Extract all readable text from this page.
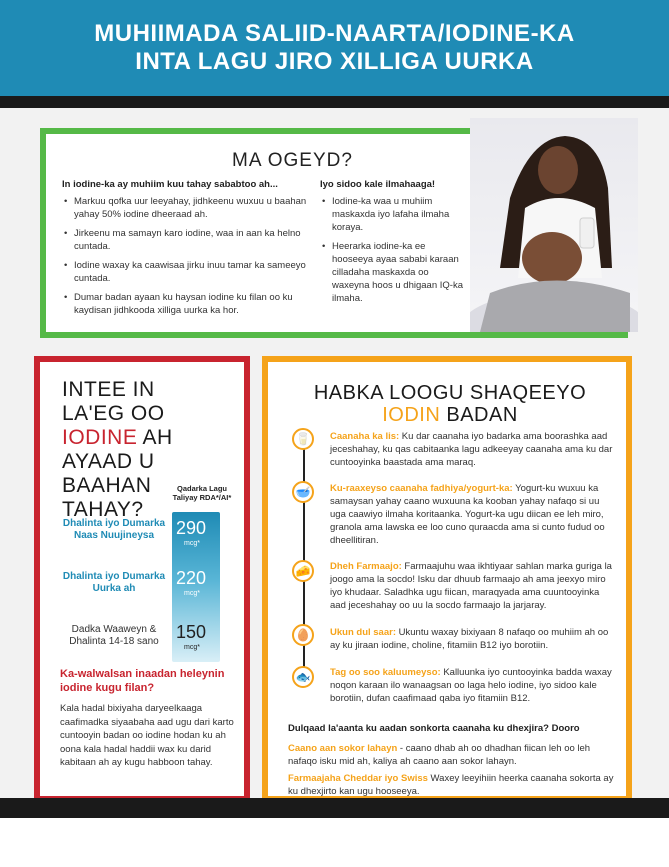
MUHIIMADA SALIID-NAARTA/IODINE-KA
INTA LAGU JIRO XILLIGA UURKA
MA OGEYD?
In iodine-ka ay muhiim kuu tahay sababtoo ah...
• Markuu qofka uur leeyahay, jidhkeenu wuxuu u baahan yahay 50% iodine dheeraad ah.
• Jirkeenu ma samayn karo iodine, waa in aan ka helno cuntada.
• Iodine waxay ka caawisaa jirku inuu tamar ka sameeyo cuntada.
• Dumar badan ayaan ku haysan iodine ku filan oo ku kaydisan jidhkooda xilliga uurka ka hor.
Iyo sidoo kale ilmahaaga!
• Iodine-ka waa u muhiim maskaxda iyo lafaha ilmaha koraya.
• Heerarka iodine-ka ee hooseeya ayaa sababi karaan cilladaha maskaxda oo waxeyna hoos u dhigaan IQ-ka ilmaha.
INTEE IN
LA'EG OO
IODINE AH
AYAAD U
BAAHAN
TAHAY?
Qadarka Lagu Taliyay RDA*/AI*
Dhalinta iyo Dumarka Naas Nuujineysa	290
mcg*
Dhalinta iyo Dumarka Uurka ah
220
mcg*
Dadka Waaweyn & Dhalinta 14-18 sano 150
mcg*
Ka-walwalsan inaadan heleynin iodine kugu filan?
Kala hadal bixiyaha daryeelkaaga caafimadka siyaabaha aad ugu dari karto cuntooyin badan oo iodine hodan ku ah oona kala hadal haddii wax ku darid kabitaan ah ay kugu habboon tahay.
HABKA LOOGU SHAQEEYO
IODIN BADAN
🥛	Caanaha ka lis: Ku dar caanaha iyo badarka ama boorashka aad jeceshahay, ku qas cabitaanka lagu adkeeyay caanaha ama ku dar cuntooyinka baastada ama maraq.
🥣	Ku-raaxeyso caanaha fadhiya/yogurt-ka: Yogurt-ku wuxuu ka samaysan yahay caano wuxuuna ka kooban yahay nafaqo si uu uga caawiyo ilmaha koritaanka. Yogurt-ka ugu diican ee leh miro, granola ama lawska ee loo cuno quraacda ama si cunto fudud oo dheellitiran.
🧀	Dheh Farmaajo: Farmaajuhu waa ikhtiyaar sahlan marka guriga la joogo ama la socdo! Isku dar dhuub farmaajo ah ama jeexyo miro iyo khudaar. Saladhka ugu fiican, maraqyada ama cuuntooyinka aad jeceshahay oo uu la socdo farmaajo la jarjaray.
🥚	Ukun dul saar: Ukuntu waxay bixiyaan 8 nafaqo oo muhiim ah oo ay ku jiraan iodine, choline, fitamiin B12 iyo borotiin.
🐟	Tag oo soo kaluumeyso: Kalluunka iyo cuntooyinka badda waxay noqon karaan ilo wanaagsan oo laga helo iodine, iyo sidoo kale borotiin, dufan caafimaad qaba iyo fitamiin B12.
Dulqaad la'aanta ku aadan sonkorta caanaha ku dhexjira? Dooro
Caano aan sokor lahayn - caano dhab ah oo dhadhan fiican leh oo leh nafaqo isku mid ah, kaliya ah caano aan sokor lahayn.
Farmaajaha Cheddar iyo Swiss Waxey leeyihiin heerka caanaha sokorta ay ku dhexjirto kan ugu hooseeya.
